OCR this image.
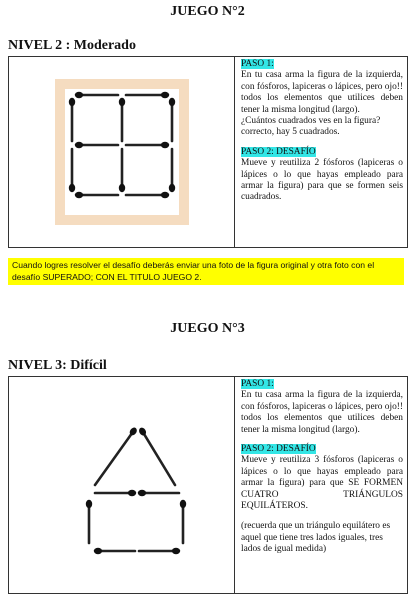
JUEGO N°2
NIVEL 2 : Moderado

PASO 1:

En tu casa arma la figura de la izquierda, con fósforos, lapiceras o lápices, pero ojo!! todos los elementos que utilices deben tener la misma longitud (largo).

¿Cuántos cuadrados ves en la figura? correcto, hay 5 cuadrados.

PASO 2: DESAFÍO

Mueve y reutiliza 2 fósforos (lapiceras o lápices o lo que hayas empleado para armar la figura) para que se formen seis cuadrados.

Cuando logres resolver el desafío deberás enviar una foto de la figura original y otra foto con el desafío SUPERADO; CON EL TITULO JUEGO 2.
JUEGO N°3
NIVEL 3: Difícil

PASO 1:

En tu casa arma la figura de la izquierda, con fósforos, lapiceras o lápices, pero ojo!! todos los elementos que utilices deben tener la misma longitud (largo).

PASO 2: DESAFÍO

Mueve y reutiliza 3 fósforos (lapiceras o lápices o lo que hayas empleado para armar la figura) para que SE FORMEN CUATRO TRIÁNGULOS EQUILÁTEROS.

(recuerda que un triángulo equilátero es aquel que tiene tres lados iguales, tres lados de igual medida)
